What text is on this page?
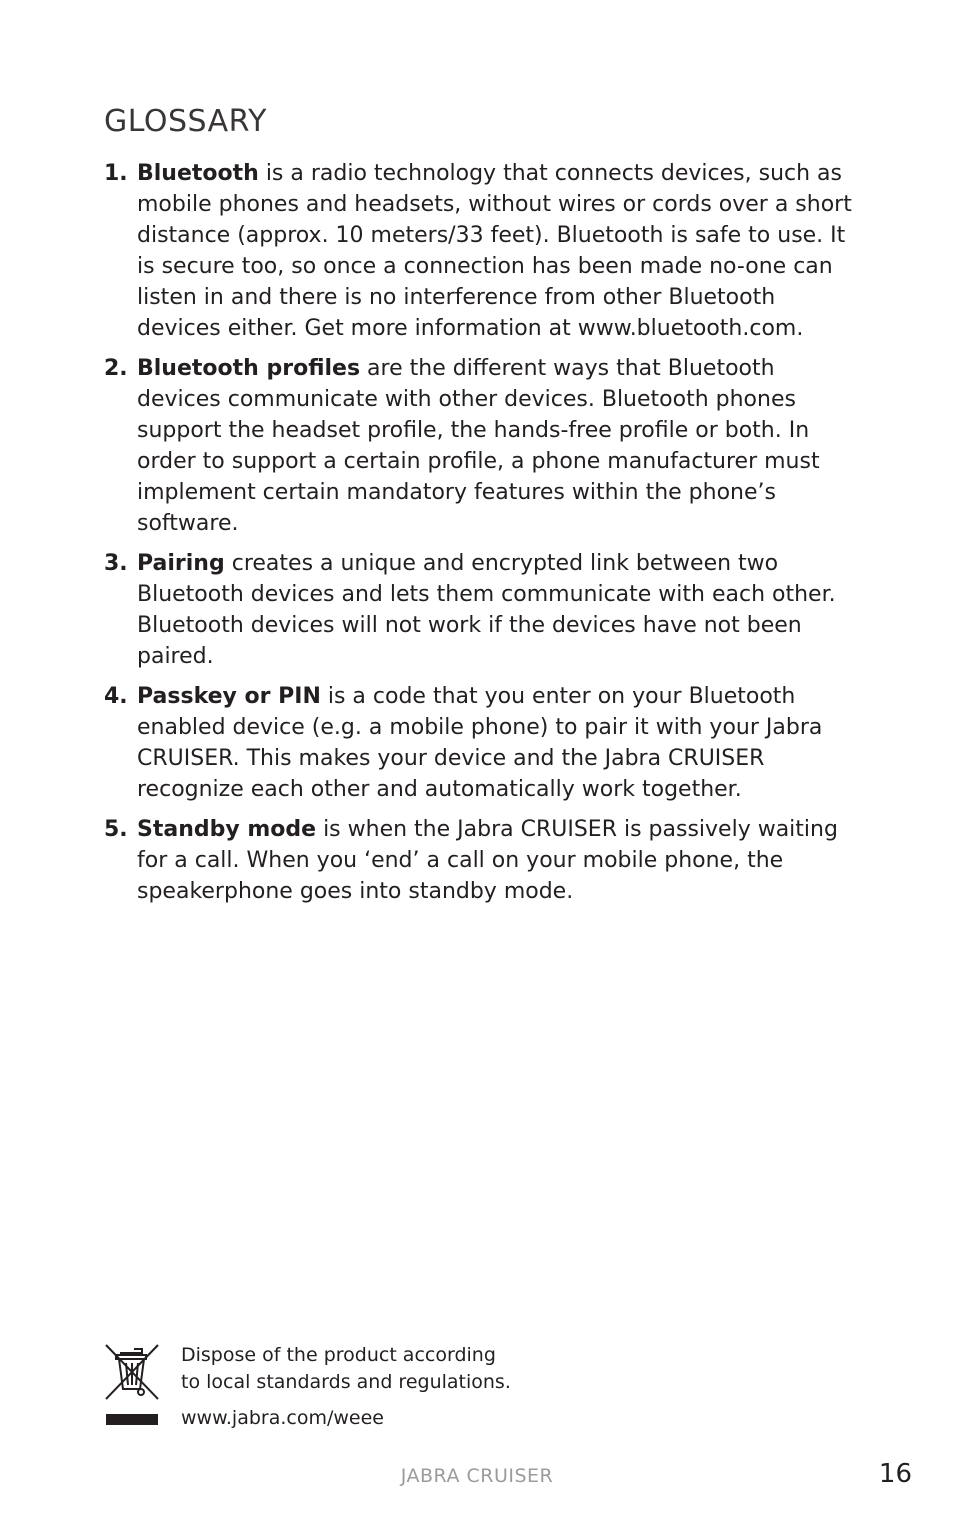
GLOSSARY
1. Bluetooth is a radio technology that connects devices, such as mobile phones and headsets, without wires or cords over a short distance (approx. 10 meters/33 feet). Bluetooth is safe to use. It is secure too, so once a connection has been made no-one can listen in and there is no interference from other Bluetooth devices either. Get more information at www.bluetooth.com.
2. Bluetooth profiles are the different ways that Bluetooth devices communicate with other devices. Bluetooth phones support the headset profile, the hands-free profile or both. In order to support a certain profile, a phone manufacturer must implement certain mandatory features within the phone’s software.
3. Pairing creates a unique and encrypted link between two Bluetooth devices and lets them communicate with each other. Bluetooth devices will not work if the devices have not been paired.
4. Passkey or PIN is a code that you enter on your Bluetooth enabled device (e.g. a mobile phone) to pair it with your Jabra CRUISER. This makes your device and the Jabra CRUISER recognize each other and automatically work together.
5. Standby mode is when the Jabra CRUISER is passively waiting for a call. When you ‘end’ a call on your mobile phone, the speakerphone goes into standby mode.
Dispose of the product according
to local standards and regulations.
www.jabra.com/weee
JABRA CRUISER	16
